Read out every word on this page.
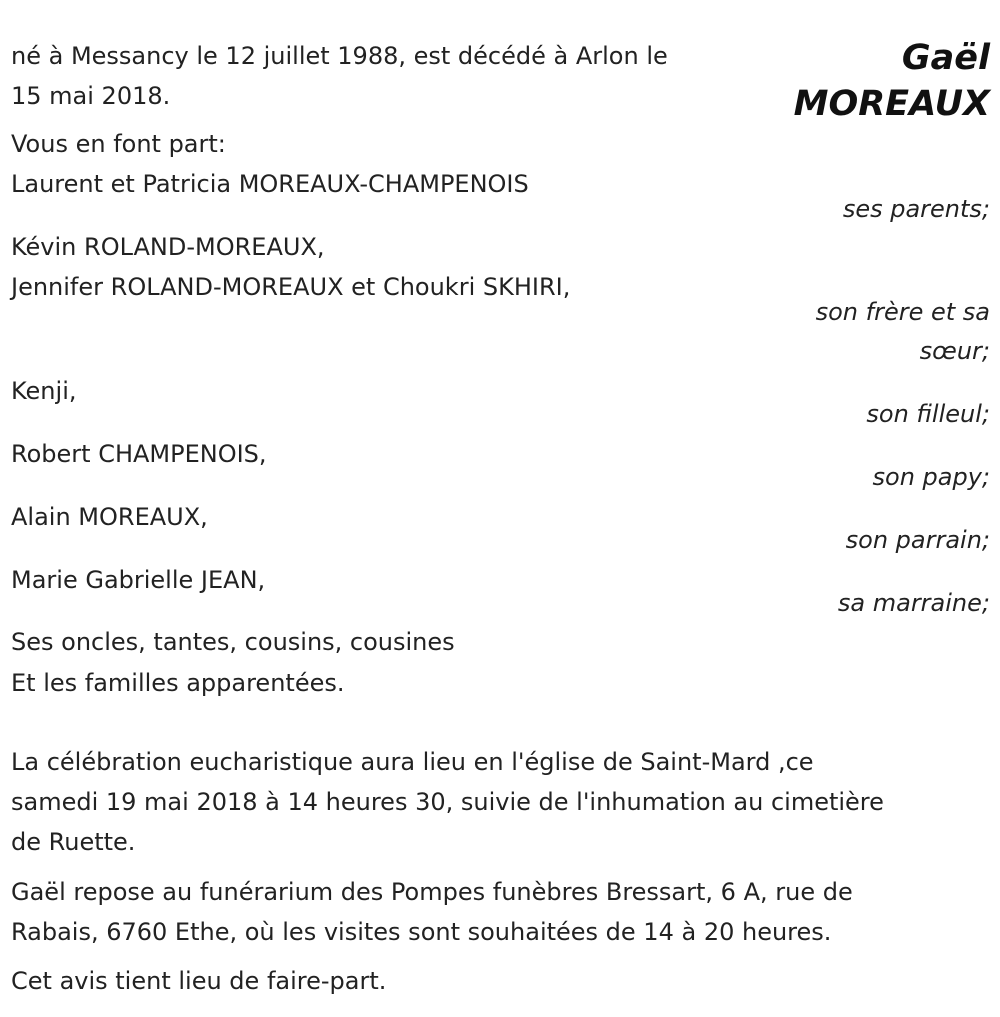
Gaël
MOREAUX
né à Messancy le 12 juillet 1988, est décédé à Arlon le
15 mai 2018.
Vous en font part:
Laurent et Patricia MOREAUX-CHAMPENOIS
ses parents;
Kévin ROLAND-MOREAUX,
Jennifer ROLAND-MOREAUX et Choukri SKHIRI,
son frère et sa
sœur;
Kenji,
son filleul;
Robert CHAMPENOIS,
son papy;
Alain MOREAUX,
son parrain;
Marie Gabrielle JEAN,
sa marraine;
Ses oncles, tantes, cousins, cousines
Et les familles apparentées.
La célébration eucharistique aura lieu en l'église de Saint-Mard ,ce
samedi 19 mai 2018 à 14 heures 30, suivie de l'inhumation au cimetière
de Ruette.
Gaël repose au funérarium des Pompes funèbres Bressart, 6 A, rue de
Rabais, 6760 Ethe, où les visites sont souhaitées de 14 à 20 heures.
Cet avis tient lieu de faire-part.
